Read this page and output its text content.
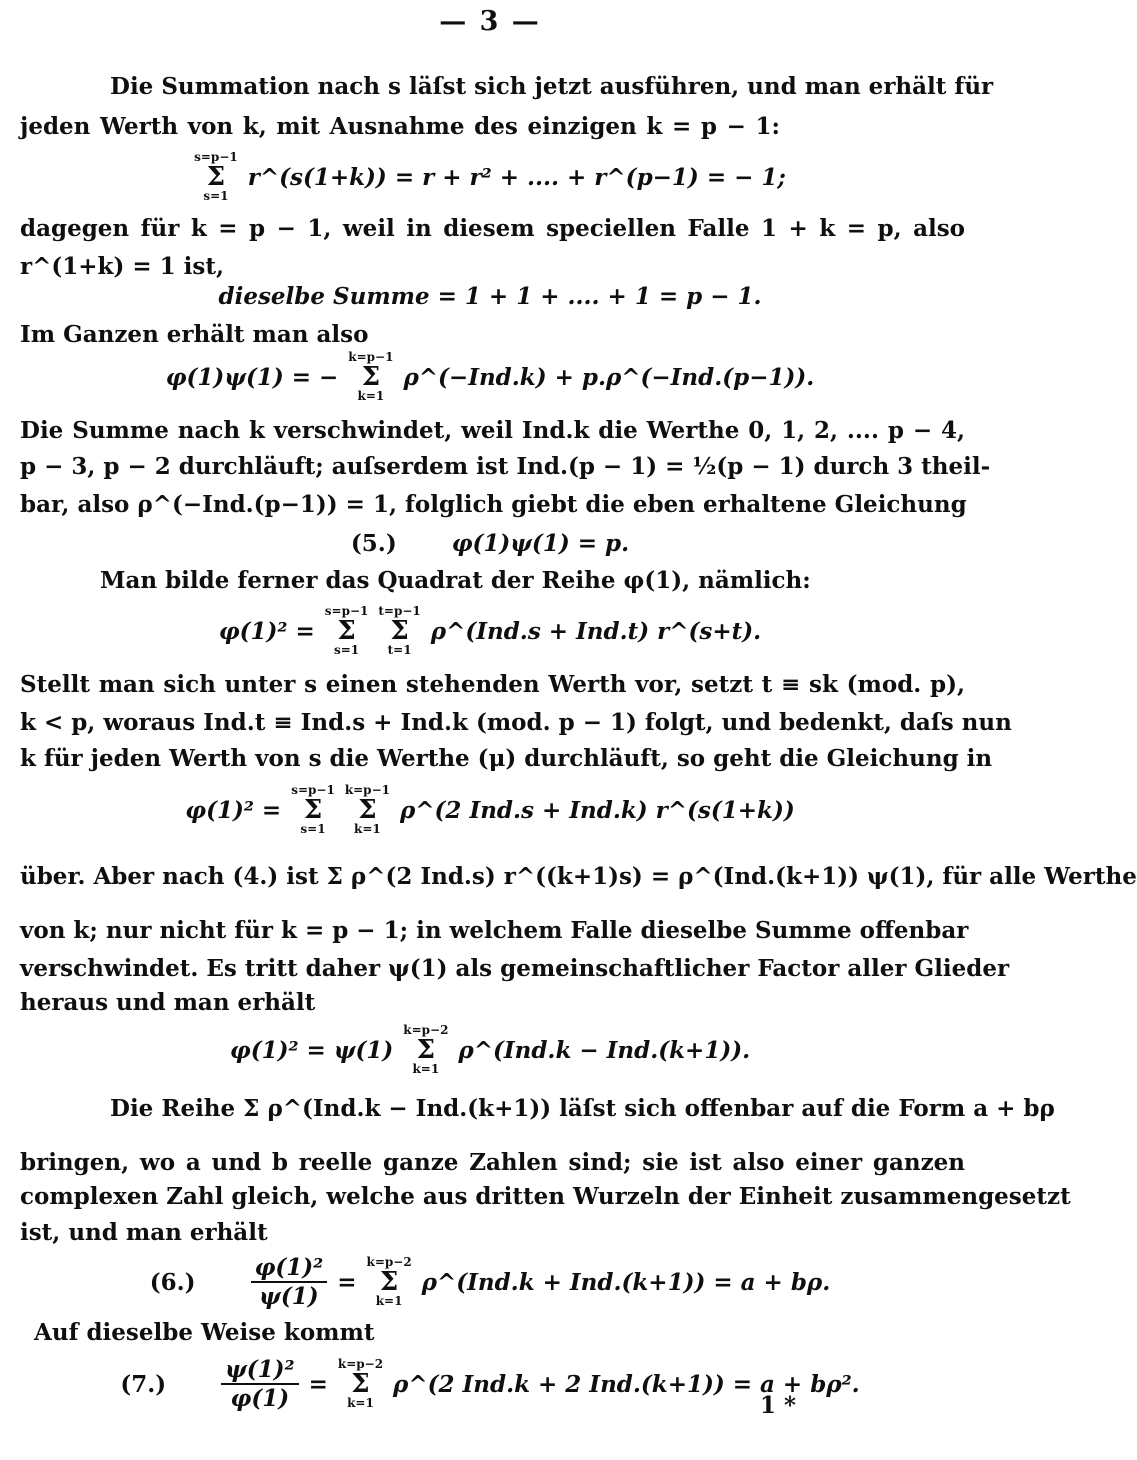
— 3 —
Die Summation nach s läſst sich jetzt ausführen, und man erhält für
jeden Werth von k, mit Ausnahme des einzigen k = p − 1:
s=p−1
Σ
s=1
r^(s(1+k)) = r + r² + .... + r^(p−1) = − 1;
dagegen für k = p − 1, weil in diesem speciellen Falle 1 + k = p, also
r^(1+k) = 1 ist,
dieselbe Summe = 1 + 1 + .... + 1 = p − 1.
Im Ganzen erhält man also
φ(1)ψ(1) = −
k=p−1
Σ
k=1
ρ^(−Ind.k) + p.ρ^(−Ind.(p−1)).
Die Summe nach k verschwindet, weil Ind.k die Werthe 0, 1, 2, .... p − 4,
p − 3, p − 2 durchläuft; auſserdem ist Ind.(p − 1) = ½(p − 1) durch 3 theil-
bar, also ρ^(−Ind.(p−1)) = 1, folglich giebt die eben erhaltene Gleichung
(5.) φ(1)ψ(1) = p.
Man bilde ferner das Quadrat der Reihe φ(1), nämlich:
φ(1)² =
s=p−1
Σ
s=1
t=p−1
Σ
t=1
ρ^(Ind.s + Ind.t) r^(s+t).
Stellt man sich unter s einen stehenden Werth vor, setzt t ≡ sk (mod. p),
k < p, woraus Ind.t ≡ Ind.s + Ind.k (mod. p − 1) folgt, und bedenkt, daſs nun
k für jeden Werth von s die Werthe (μ) durchläuft, so geht die Gleichung in
φ(1)² =
s=p−1
Σ
s=1
k=p−1
Σ
k=1
ρ^(2 Ind.s + Ind.k) r^(s(1+k))
über. Aber nach (4.) ist Σ ρ^(2 Ind.s) r^((k+1)s) = ρ^(Ind.(k+1)) ψ(1), für alle Werthe
von k; nur nicht für k = p − 1; in welchem Falle dieselbe Summe offenbar
verschwindet. Es tritt daher ψ(1) als gemeinschaftlicher Factor aller Glieder
heraus und man erhält
φ(1)² = ψ(1)
k=p−2
Σ
k=1
ρ^(Ind.k − Ind.(k+1)).
Die Reihe Σ ρ^(Ind.k − Ind.(k+1)) läſst sich offenbar auf die Form a + bρ
bringen, wo a und b reelle ganze Zahlen sind; sie ist also einer ganzen
complexen Zahl gleich, welche aus dritten Wurzeln der Einheit zusammengesetzt
ist, und man erhält
$(6.) \frac{\text{φ(1)²}}{\psi(1)}$ =
k=p−2
Σ
k=1
ρ^(Ind.k + Ind.(k+1)) = a + bρ.
Auf dieselbe Weise kommt
$(7.) \frac{\text{ψ(1)²}}{\varphi(1)}$ =
k=p−2
Σ
k=1
ρ^(2 Ind.k + 2 Ind.(k+1)) = a + bρ².
1 *
